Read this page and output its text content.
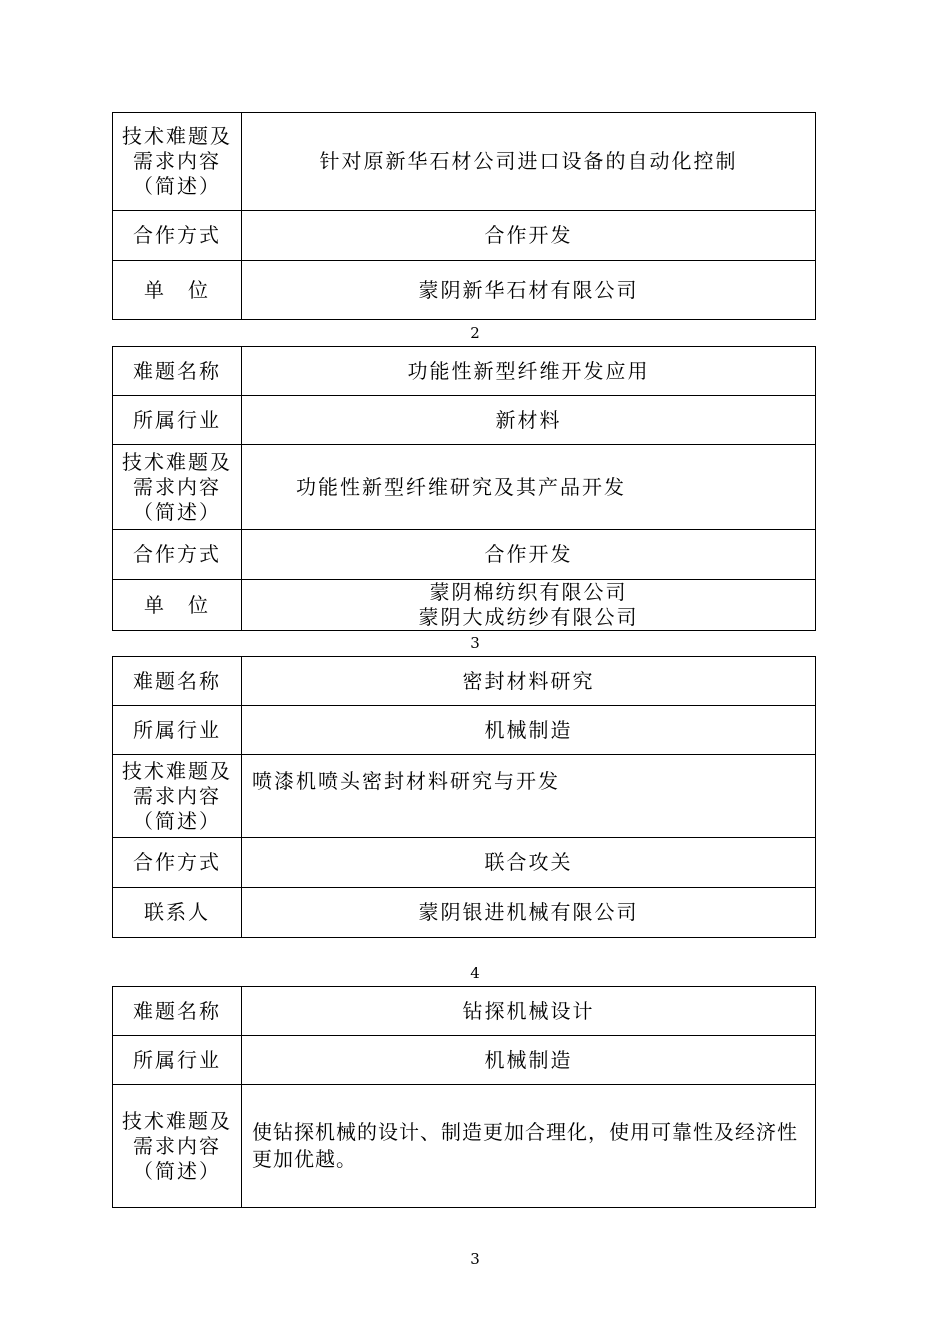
技术难题及
需求内容
（简述）	针对原新华石材公司进口设备的自动化控制
合作方式	合作开发
单　位	蒙阴新华石材有限公司
2
难题名称	功能性新型纤维开发应用
所属行业	新材料

技术难题及
需求内容
（简述）	功能性新型纤维研究及其产品开发
合作方式	合作开发
单　位	蒙阴棉纺织有限公司
蒙阴大成纺纱有限公司
3
难题名称	密封材料研究
所属行业	机械制造

技术难题及
需求内容
（简述）	喷漆机喷头密封材料研究与开发
合作方式	联合攻关
联系人	蒙阴银进机械有限公司
4
难题名称	钻探机械设计
所属行业	机械制造

技术难题及
需求内容
（简述）	使钻探机械的设计、制造更加合理化，使用可靠性及经济性更加优越。
3
